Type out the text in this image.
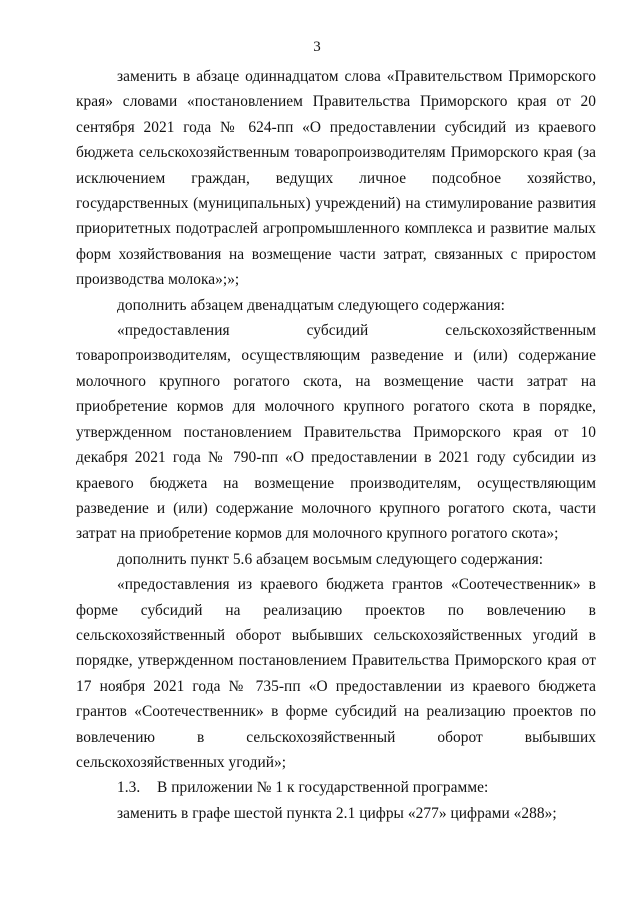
3

заменить в абзаце одиннадцатом слова «Правительством Приморского края» словами «постановлением Правительства Приморского края от 20 сентября 2021 года № 624-пп «О предоставлении субсидий из краевого бюджета сельскохозяйственным товаропроизводителям Приморского края (за исключением граждан, ведущих личное подсобное хозяйство, государственных (муниципальных) учреждений) на стимулирование развития приоритетных подотраслей агропромышленного комплекса и развитие малых форм хозяйствования на возмещение части затрат, связанных с приростом производства молока»;»;

дополнить абзацем двенадцатым следующего содержания:

«предоставления субсидий сельскохозяйственным товаропроизводителям, осуществляющим разведение и (или) содержание молочного крупного рогатого скота, на возмещение части затрат на приобретение кормов для молочного крупного рогатого скота в порядке, утвержденном постановлением Правительства Приморского края от 10 декабря 2021 года № 790-пп «О предоставлении в 2021 году субсидии из краевого бюджета на возмещение производителям, осуществляющим разведение и (или) содержание молочного крупного рогатого скота, части затрат на приобретение кормов для молочного крупного рогатого скота»;

дополнить пункт 5.6 абзацем восьмым следующего содержания:

«предоставления из краевого бюджета грантов «Соотечественник» в форме субсидий на реализацию проектов по вовлечению в сельскохозяйственный оборот выбывших сельскохозяйственных угодий в порядке, утвержденном постановлением Правительства Приморского края от 17 ноября 2021 года № 735-пп «О предоставлении из краевого бюджета грантов «Соотечественник» в форме субсидий на реализацию проектов по вовлечению в сельскохозяйственный оборот выбывших сельскохозяйственных угодий»;

1.3. В приложении № 1 к государственной программе:

заменить в графе шестой пункта 2.1 цифры «277» цифрами «288»;
